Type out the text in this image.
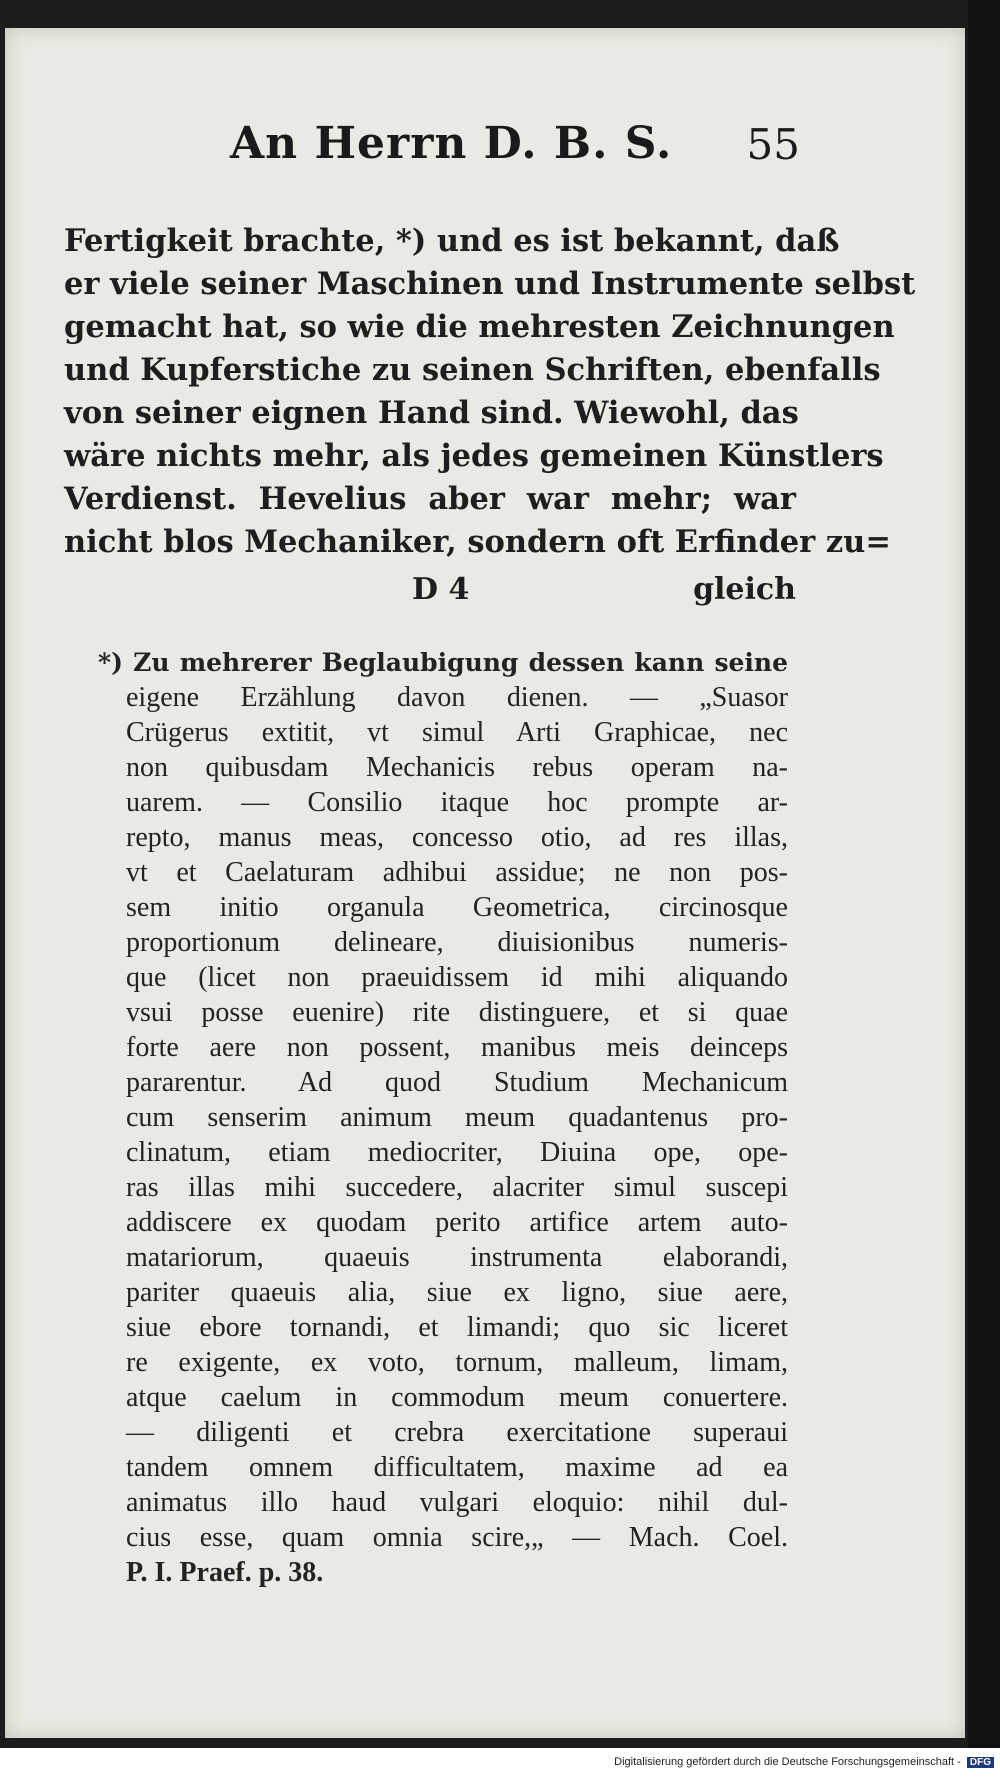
An Herrn D. B. S. 55
Fertigkeit brachte, *) und es ist bekannt, daß
er viele seiner Maschinen und Instrumente selbst
gemacht hat, so wie die mehresten Zeichnungen
und Kupferstiche zu seinen Schriften, ebenfalls
von seiner eignen Hand sind. Wiewohl, das
wäre nichts mehr, als jedes gemeinen Künstlers
Verdienst. Hevelius aber war mehr; war
nicht blos Mechaniker, sondern oft Erfinder zu=
D 4	gleich
*) Zu mehrerer Beglaubigung dessen kann seine
eigene Erzählung davon dienen. — „Suasor
Crügerus extitit, vt simul Arti Graphicae, nec
non quibusdam Mechanicis rebus operam na-
uarem. — Consilio itaque hoc prompte ar-
repto, manus meas, concesso otio, ad res illas,
vt et Caelaturam adhibui assidue; ne non pos-
sem initio organula Geometrica, circinosque
proportionum delineare, diuisionibus numeris-
que (licet non praeuidissem id mihi aliquando
vsui posse euenire) rite distinguere, et si quae
forte aere non possent, manibus meis deinceps
pararentur. Ad quod Studium Mechanicum
cum senserim animum meum quadantenus pro-
clinatum, etiam mediocriter, Diuina ope, ope-
ras illas mihi succedere, alacriter simul suscepi
addiscere ex quodam perito artifice artem auto-
matariorum, quaeuis instrumenta elaborandi,
pariter quaeuis alia, siue ex ligno, siue aere,
siue ebore tornandi, et limandi; quo sic liceret
re exigente, ex voto, tornum, malleum, limam,
atque caelum in commodum meum conuertere.
— diligenti et crebra exercitatione superaui
tandem omnem difficultatem, maxime ad ea
animatus illo haud vulgari eloquio: nihil dul-
cius esse, quam omnia scire,„ — Mach. Coel.
P. I. Praef. p. 38.
Digitalisierung gefördert durch die Deutsche Forschungsgemeinschaft - DFG
